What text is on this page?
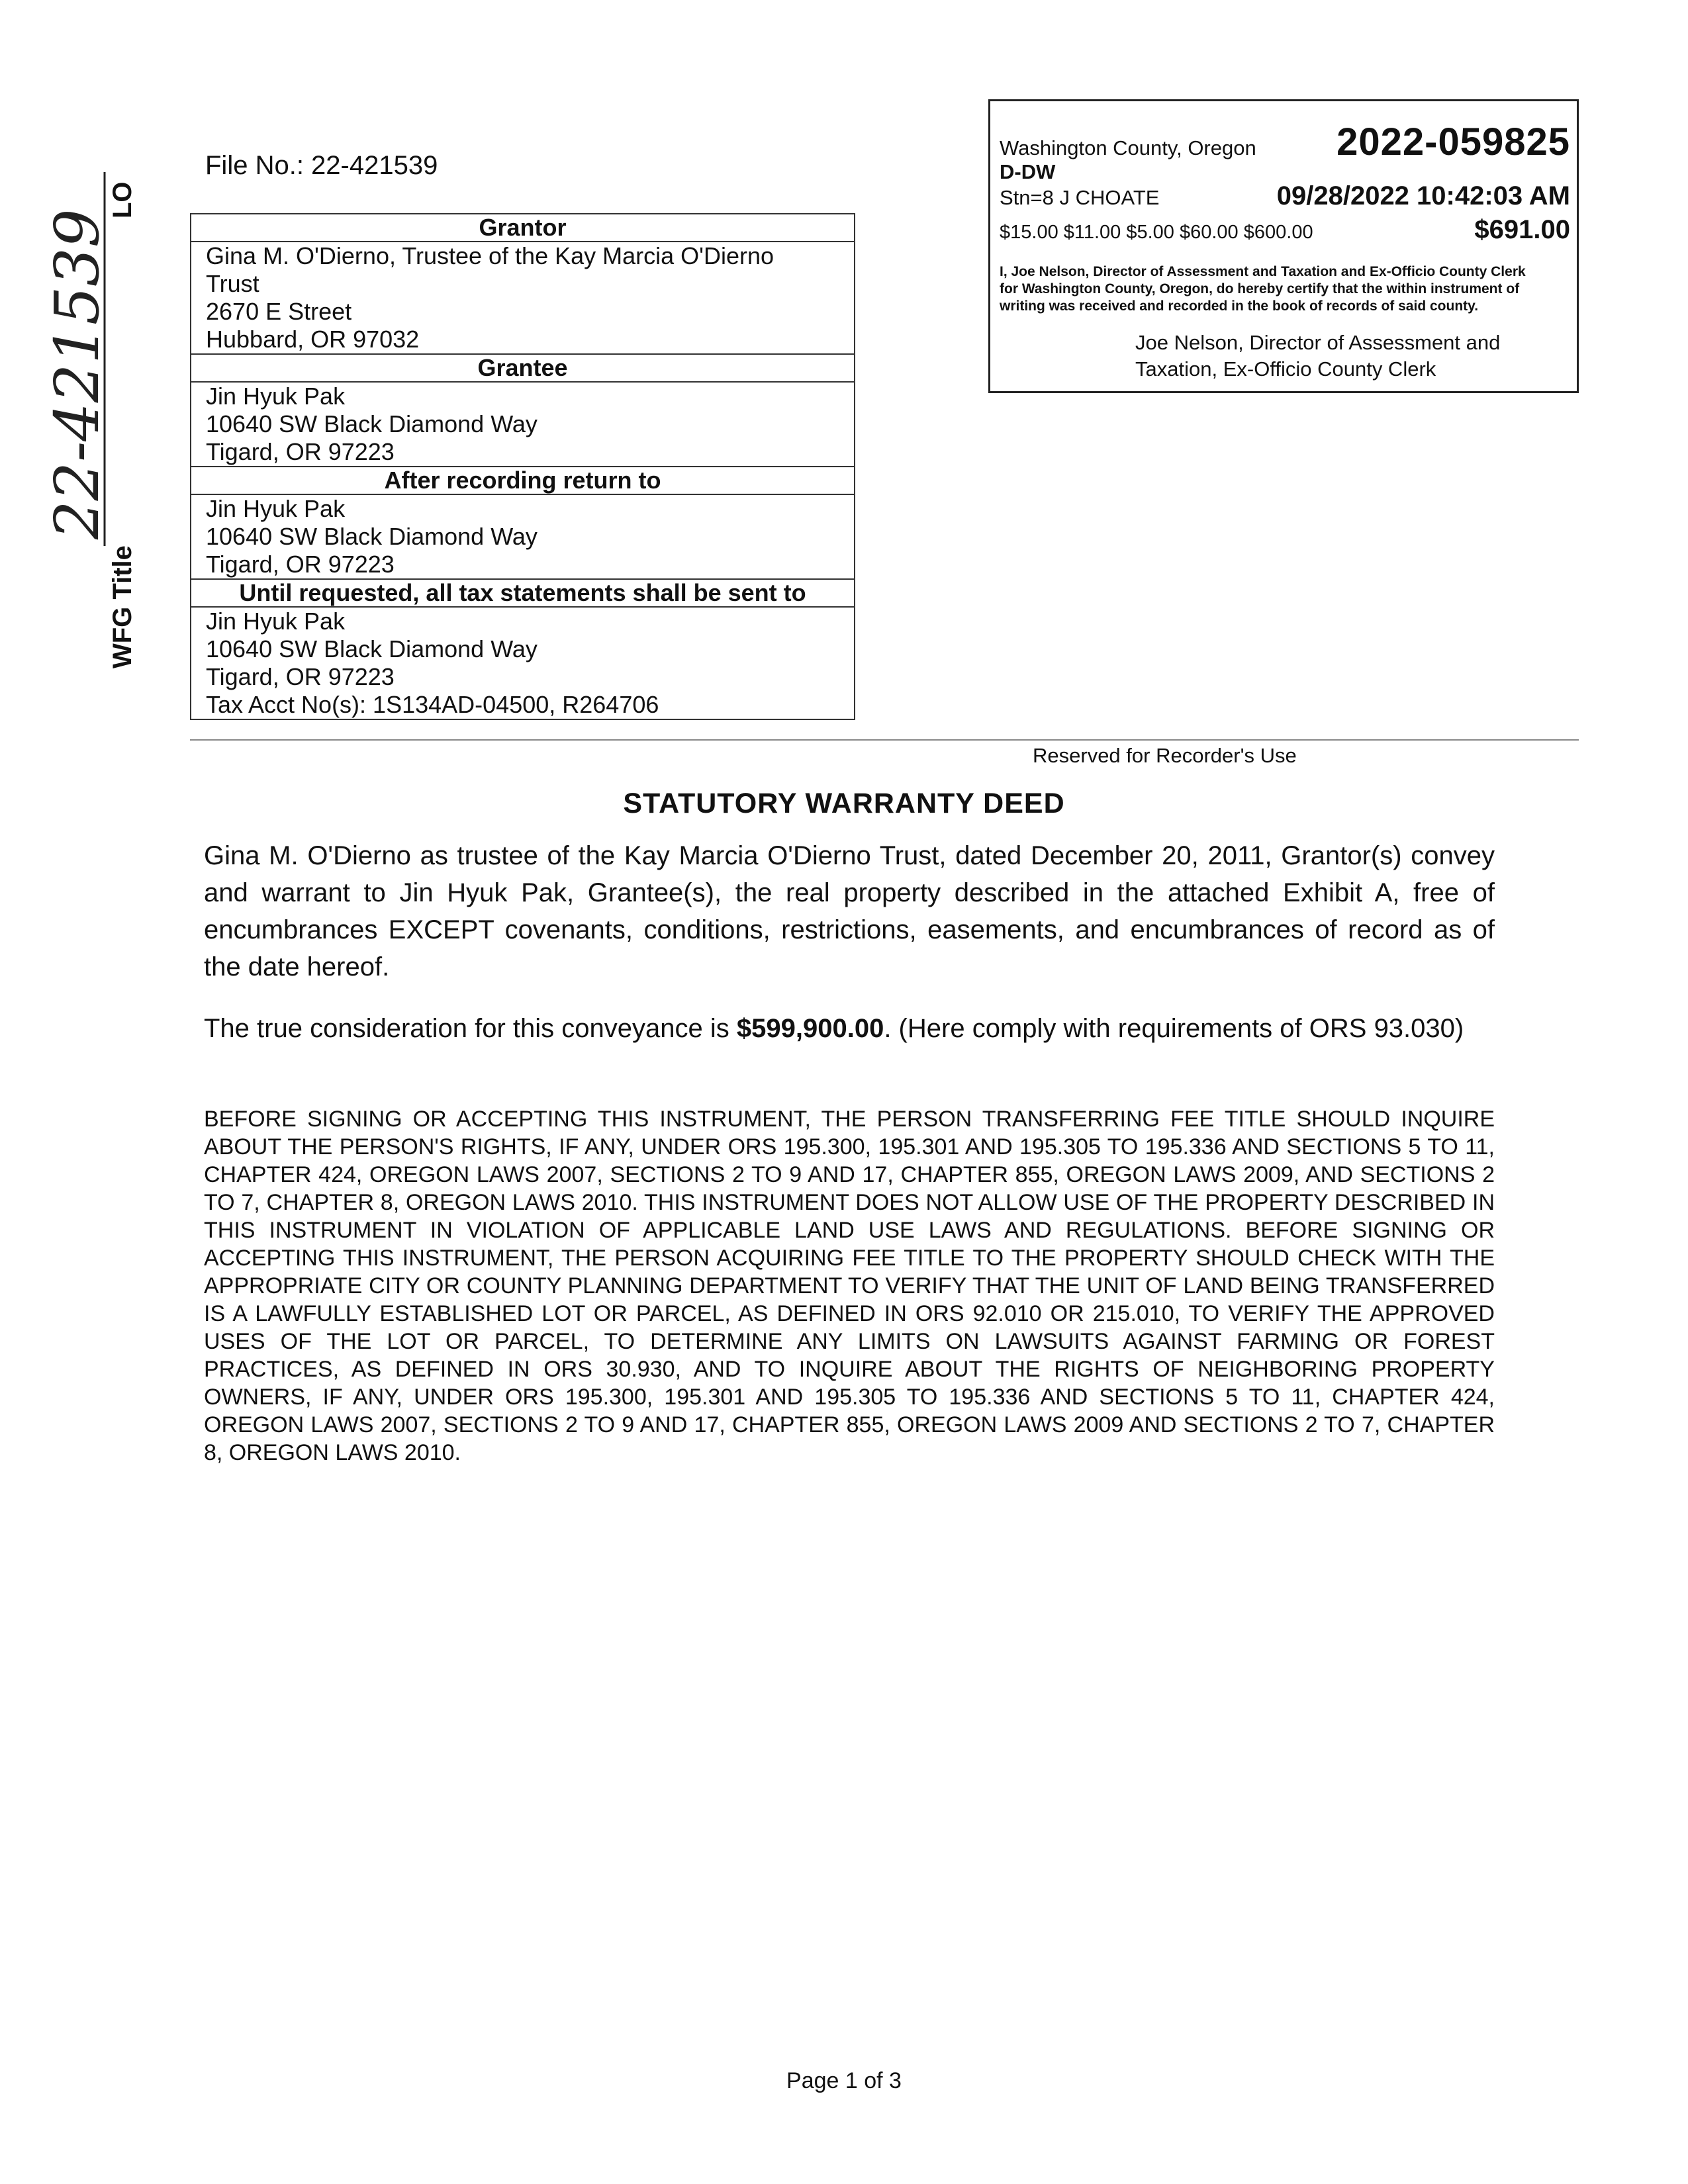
WFG Title
22-421539
LO
File No.: 22-421539
Grantor

Gina M. O'Dierno, Trustee of the Kay Marcia O'Dierno
Trust
2670 E Street
Hubbard, OR 97032

Grantee

Jin Hyuk Pak
10640 SW Black Diamond Way
Tigard, OR 97223

After recording return to

Jin Hyuk Pak
10640 SW Black Diamond Way
Tigard, OR 97223

Until requested, all tax statements shall be sent to

Jin Hyuk Pak
10640 SW Black Diamond Way
Tigard, OR 97223
Tax Acct No(s): 1S134AD-04500, R264706
Washington County, Oregon 2022-059825
D-DW
Stn=8 J CHOATE	09/28/2022 10:42:03 AM
$15.00 $11.00 $5.00 $60.00 $600.00	$691.00
I, Joe Nelson, Director of Assessment and Taxation and Ex-Officio County Clerk for Washington County, Oregon, do hereby certify that the within instrument of writing was received and recorded in the book of records of said county.
Joe Nelson, Director of Assessment and
Taxation, Ex-Officio County Clerk
Reserved for Recorder's Use
STATUTORY WARRANTY DEED
Gina M. O'Dierno as trustee of the Kay Marcia O'Dierno Trust, dated December 20, 2011, Grantor(s) convey and warrant to Jin Hyuk Pak, Grantee(s), the real property described in the attached Exhibit A, free of encumbrances EXCEPT covenants, conditions, restrictions, easements, and encumbrances of record as of the date hereof.
The true consideration for this conveyance is $599,900.00. (Here comply with requirements of ORS 93.030)
BEFORE SIGNING OR ACCEPTING THIS INSTRUMENT, THE PERSON TRANSFERRING FEE TITLE SHOULD INQUIRE ABOUT THE PERSON'S RIGHTS, IF ANY, UNDER ORS 195.300, 195.301 AND 195.305 TO 195.336 AND SECTIONS 5 TO 11, CHAPTER 424, OREGON LAWS 2007, SECTIONS 2 TO 9 AND 17, CHAPTER 855, OREGON LAWS 2009, AND SECTIONS 2 TO 7, CHAPTER 8, OREGON LAWS 2010. THIS INSTRUMENT DOES NOT ALLOW USE OF THE PROPERTY DESCRIBED IN THIS INSTRUMENT IN VIOLATION OF APPLICABLE LAND USE LAWS AND REGULATIONS. BEFORE SIGNING OR ACCEPTING THIS INSTRUMENT, THE PERSON ACQUIRING FEE TITLE TO THE PROPERTY SHOULD CHECK WITH THE APPROPRIATE CITY OR COUNTY PLANNING DEPARTMENT TO VERIFY THAT THE UNIT OF LAND BEING TRANSFERRED IS A LAWFULLY ESTABLISHED LOT OR PARCEL, AS DEFINED IN ORS 92.010 OR 215.010, TO VERIFY THE APPROVED USES OF THE LOT OR PARCEL, TO DETERMINE ANY LIMITS ON LAWSUITS AGAINST FARMING OR FOREST PRACTICES, AS DEFINED IN ORS 30.930, AND TO INQUIRE ABOUT THE RIGHTS OF NEIGHBORING PROPERTY OWNERS, IF ANY, UNDER ORS 195.300, 195.301 AND 195.305 TO 195.336 AND SECTIONS 5 TO 11, CHAPTER 424, OREGON LAWS 2007, SECTIONS 2 TO 9 AND 17, CHAPTER 855, OREGON LAWS 2009 AND SECTIONS 2 TO 7, CHAPTER 8, OREGON LAWS 2010.
Page 1 of 3
